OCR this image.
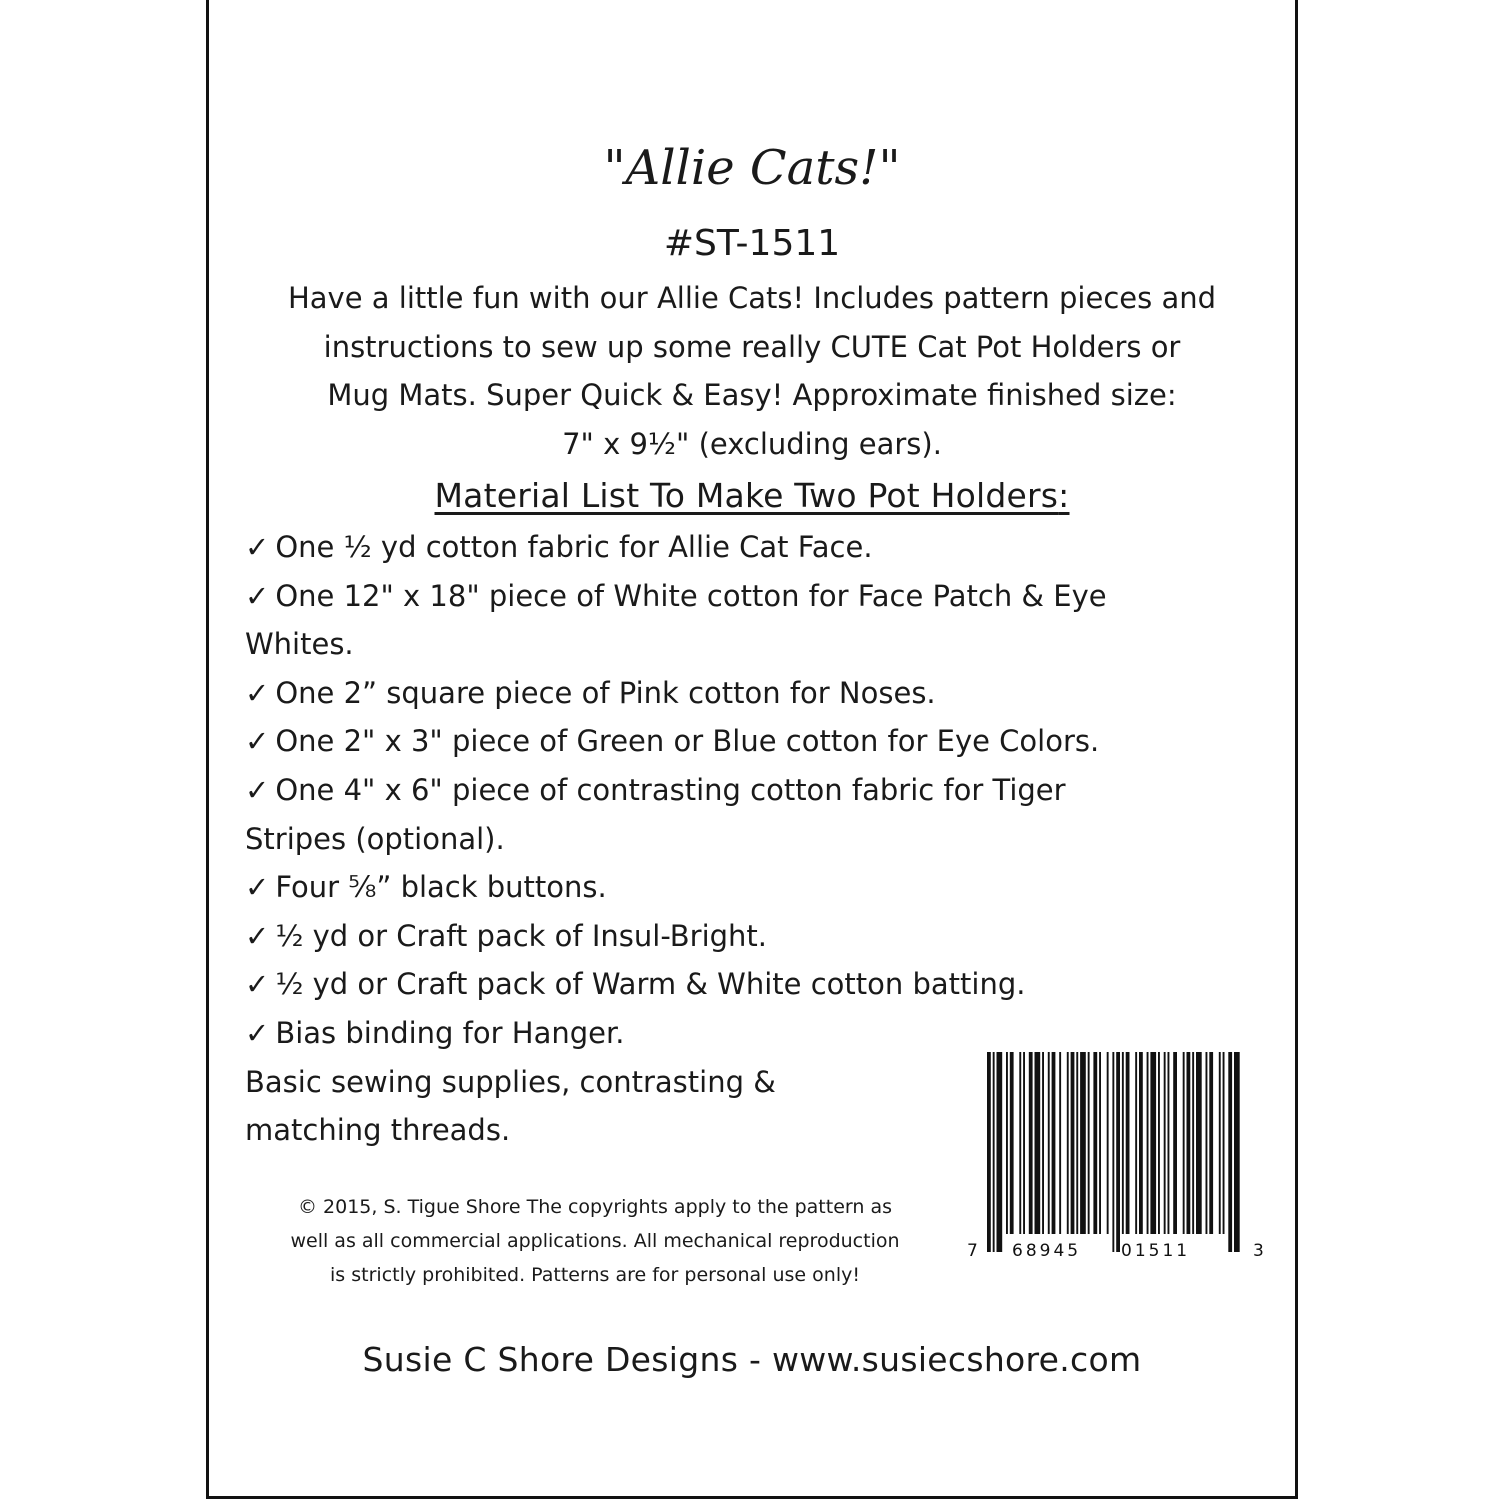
"Allie Cats!"
#ST-1511
Have a little fun with our Allie Cats! Includes pattern pieces and
instructions to sew up some really CUTE Cat Pot Holders or
Mug Mats. Super Quick & Easy! Approximate finished size:
7" x 9½" (excluding ears).
Material List To Make Two Pot Holders:
✓ One ½ yd cotton fabric for Allie Cat Face.
✓ One 12" x 18" piece of White cotton for Face Patch & Eye
Whites.
✓ One 2” square piece of Pink cotton for Noses.
✓ One 2" x 3" piece of Green or Blue cotton for Eye Colors.
✓ One 4" x 6" piece of contrasting cotton fabric for Tiger
Stripes (optional).
✓ Four ⅝” black buttons.
✓ ½ yd or Craft pack of Insul-Bright.
✓ ½ yd or Craft pack of Warm & White cotton batting.
✓ Bias binding for Hanger.
Basic sewing supplies, contrasting &
matching threads.
© 2015, S. Tigue Shore The copyrights apply to the pattern as
well as all commercial applications. All mechanical reproduction
is strictly prohibited. Patterns are for personal use only!
7 68945 01511	3
Susie C Shore Designs - www.susiecshore.com
